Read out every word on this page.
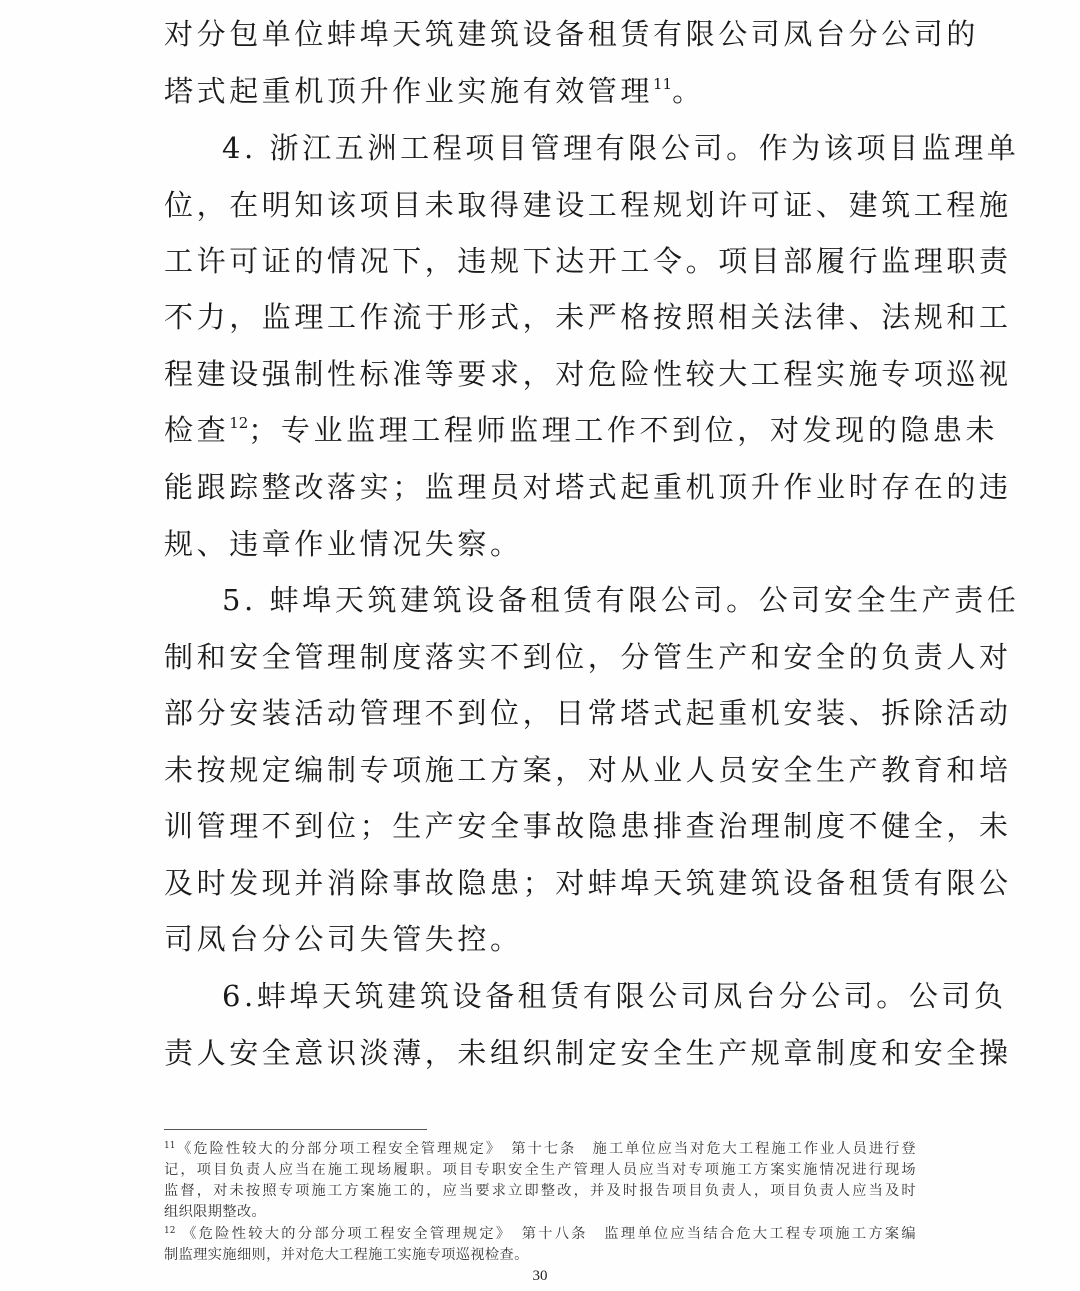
对分包单位蚌埠天筑建筑设备租赁有限公司凤台分公司的
塔式起重机顶升作业实施有效管理$^{11}$。
4. 浙江五洲工程项目管理有限公司。作为该项目监理单
位，在明知该项目未取得建设工程规划许可证、建筑工程施
工许可证的情况下，违规下达开工令。项目部履行监理职责
不力，监理工作流于形式，未严格按照相关法律、法规和工
程建设强制性标准等要求，对危险性较大工程实施专项巡视
检查$^{12}$；专业监理工程师监理工作不到位，对发现的隐患未
能跟踪整改落实；监理员对塔式起重机顶升作业时存在的违
规、违章作业情况失察。
5. 蚌埠天筑建筑设备租赁有限公司。公司安全生产责任
制和安全管理制度落实不到位，分管生产和安全的负责人对
部分安装活动管理不到位，日常塔式起重机安装、拆除活动
未按规定编制专项施工方案，对从业人员安全生产教育和培
训管理不到位；生产安全事故隐患排查治理制度不健全，未
及时发现并消除事故隐患；对蚌埠天筑建筑设备租赁有限公
司凤台分公司失管失控。
6.蚌埠天筑建筑设备租赁有限公司凤台分公司。公司负
责人安全意识淡薄，未组织制定安全生产规章制度和安全操
$^{11}$《危险性较大的分部分项工程安全管理规定》　第十七条　施工单位应当对危大工程施工作业人员进行登
记，项目负责人应当在施工现场履职。项目专职安全生产管理人员应当对专项施工方案实施情况进行现场
监督，对未按照专项施工方案施工的，应当要求立即整改，并及时报告项目负责人，项目负责人应当及时
组织限期整改。
$^{12}$ 《危险性较大的分部分项工程安全管理规定》　第十八条　监理单位应当结合危大工程专项施工方案编
制监理实施细则，并对危大工程施工实施专项巡视检查。
30
